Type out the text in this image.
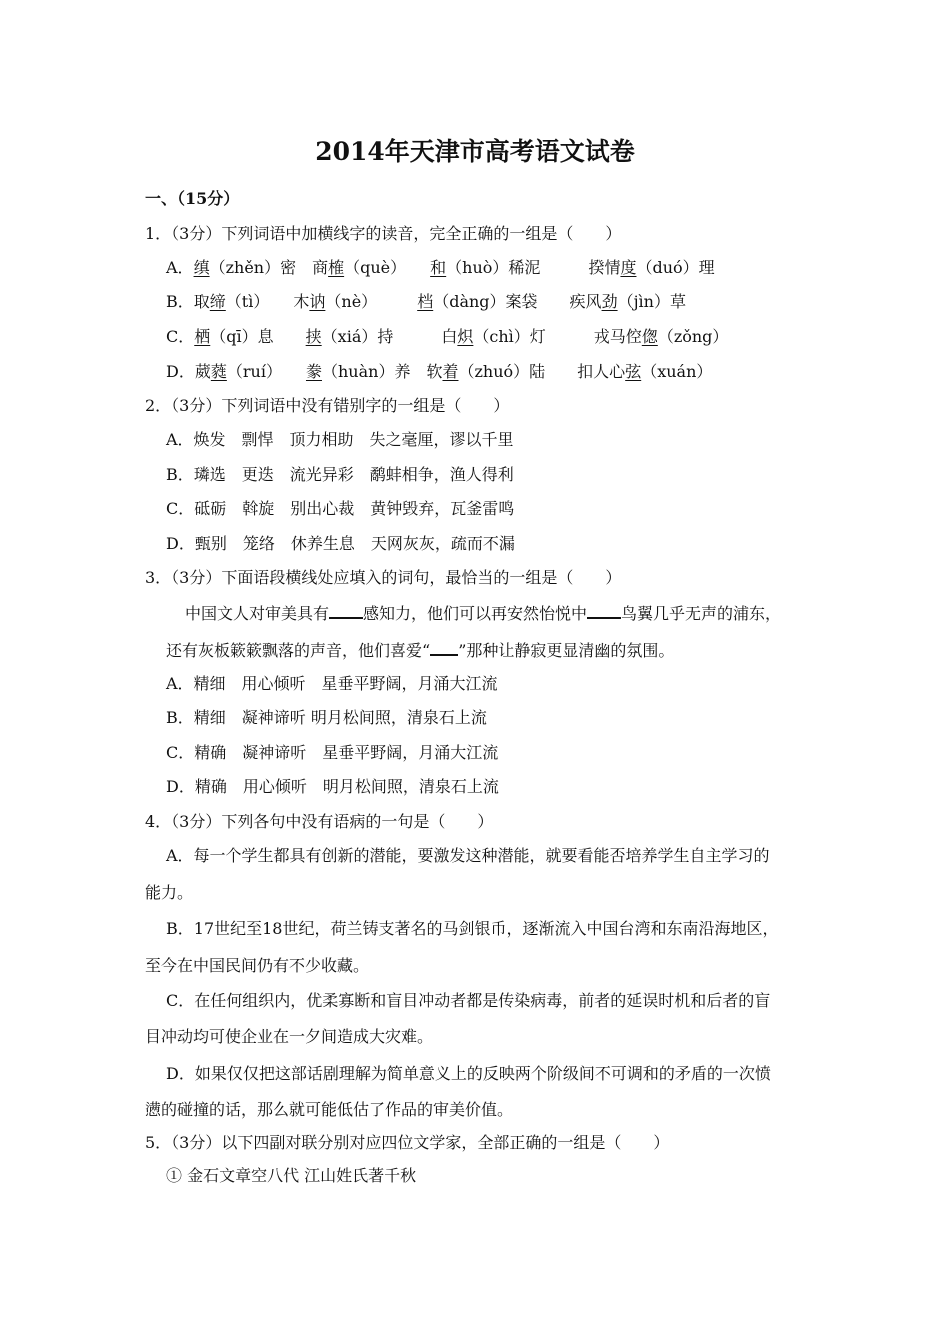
2014年天津市高考语文试卷
一、（15分）
1．（3分）下列词语中加横线字的读音，完全正确的一组是（　　）
A．缜（zhěn）密　商榷（què）　　 和（huò）稀泥　　　	揆情度（duó）理
B．取缔（tì）　　木讷（nè）　　　	档（dàng）案袋　　疾风劲（jìn）草
C．栖（qī）息　　 挟（xiá）持　　　白炽（chì）灯　　　戎马倥偬（zǒng）
D．葳蕤（ruí）　　 豢（huàn）养　软着（zhuó）陆　　扣人心弦（xuán）
2．（3分）下列词语中没有错别字的一组是（　　）
A．焕发　剽悍　顶力相助　失之毫厘，谬以千里
B．璘选　更迭　流光异彩　鹬蚌相争，渔人得利
C．砥砺　斡旋　别出心裁　黄钟毁弃，瓦釜雷鸣
D．甄别　笼络　休养生息　天网灰灰，疏而不漏
3．（3分）下面语段横线处应填入的词句，最恰当的一组是（　　）
中国文人对审美具有 感知力，他们可以再安然怡悦中 鸟翼几乎无声的浦东，
还有灰板簌簌飘落的声音，他们喜爱“ ”那种让静寂更显清幽的氛围。
A．精细　用心倾听　星垂平野阔，月涌大江流
B．精细　凝神谛听 明月松间照，清泉石上流
C．精确　凝神谛听　星垂平野阔，月涌大江流
D．精确　用心倾听　明月松间照，清泉石上流
4．（3分）下列各句中没有语病的一句是（　　）
A．每一个学生都具有创新的潜能，要激发这种潜能，就要看能否培养学生自主学习的
能力。
B．17世纪至18世纪，荷兰铸支著名的马剑银币，逐渐流入中国台湾和东南沿海地区，
至今在中国民间仍有不少收藏。
C．在任何组织内，优柔寡断和盲目冲动者都是传染病毒，前者的延误时机和后者的盲
目冲动均可使企业在一夕间造成大灾难。
D．如果仅仅把这部话剧理解为简单意义上的反映两个阶级间不可调和的矛盾的一次愤
懑的碰撞的话，那么就可能低估了作品的审美价值。
5．（3分）以下四副对联分别对应四位文学家，全部正确的一组是（　　）
① 金石文章空八代 江山姓氏著千秋
